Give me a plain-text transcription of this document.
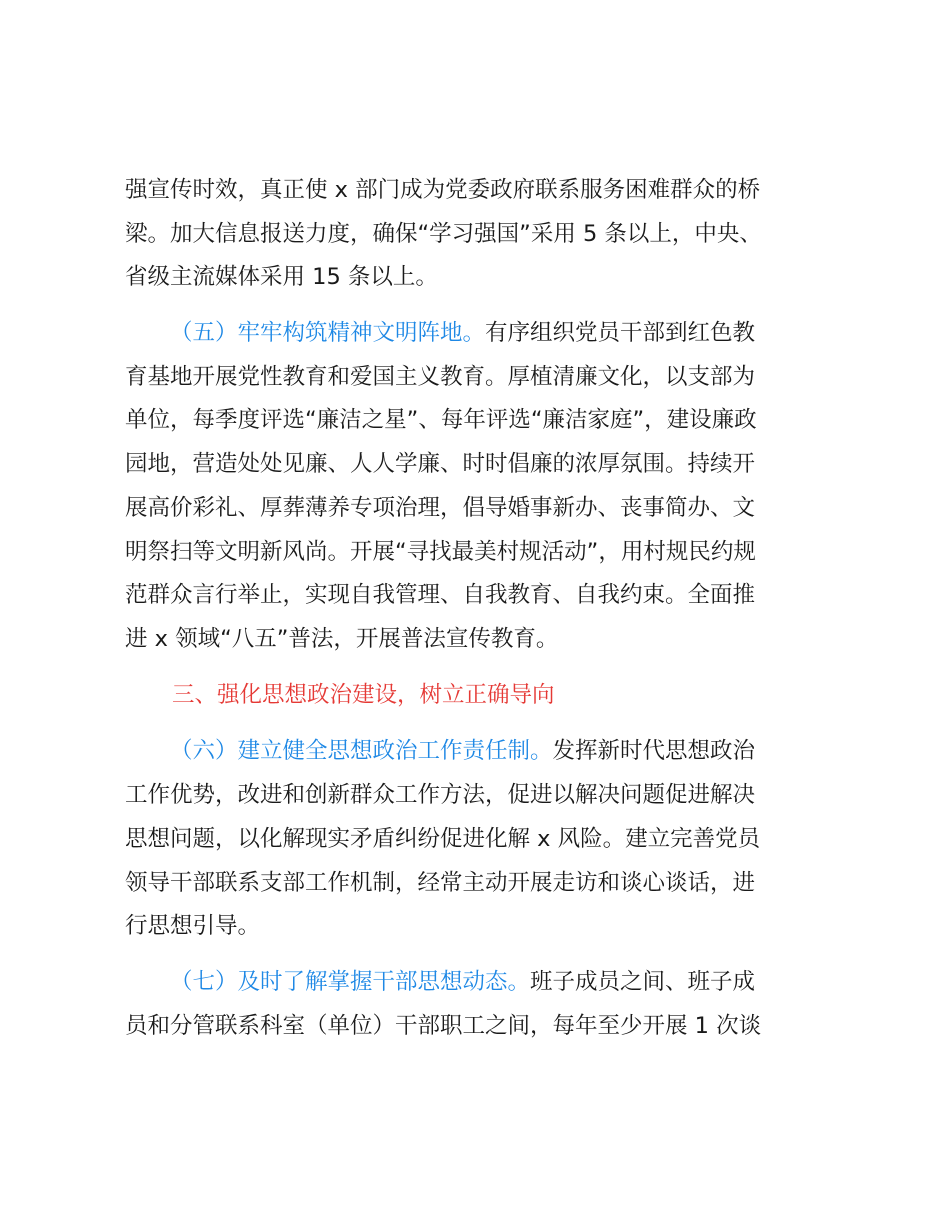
强宣传时效，真正使 x 部门成为党委政府联系服务困难群众的桥
梁。加大信息报送力度，确保“学习强国”采用 5 条以上，中央、
省级主流媒体采用 15 条以上。
（五）牢牢构筑精神文明阵地。有序组织党员干部到红色教
育基地开展党性教育和爱国主义教育。厚植清廉文化，以支部为
单位，每季度评选“廉洁之星”、每年评选“廉洁家庭”，建设廉政
园地，营造处处见廉、人人学廉、时时倡廉的浓厚氛围。持续开
展高价彩礼、厚葬薄养专项治理，倡导婚事新办、丧事简办、文
明祭扫等文明新风尚。开展“寻找最美村规活动”，用村规民约规
范群众言行举止，实现自我管理、自我教育、自我约束。全面推
进 x 领域“八五”普法，开展普法宣传教育。
三、强化思想政治建设，树立正确导向
（六）建立健全思想政治工作责任制。发挥新时代思想政治
工作优势，改进和创新群众工作方法，促进以解决问题促进解决
思想问题，以化解现实矛盾纠纷促进化解 x 风险。建立完善党员
领导干部联系支部工作机制，经常主动开展走访和谈心谈话，进
行思想引导。
（七）及时了解掌握干部思想动态。班子成员之间、班子成
员和分管联系科室（单位）干部职工之间，每年至少开展 1 次谈
